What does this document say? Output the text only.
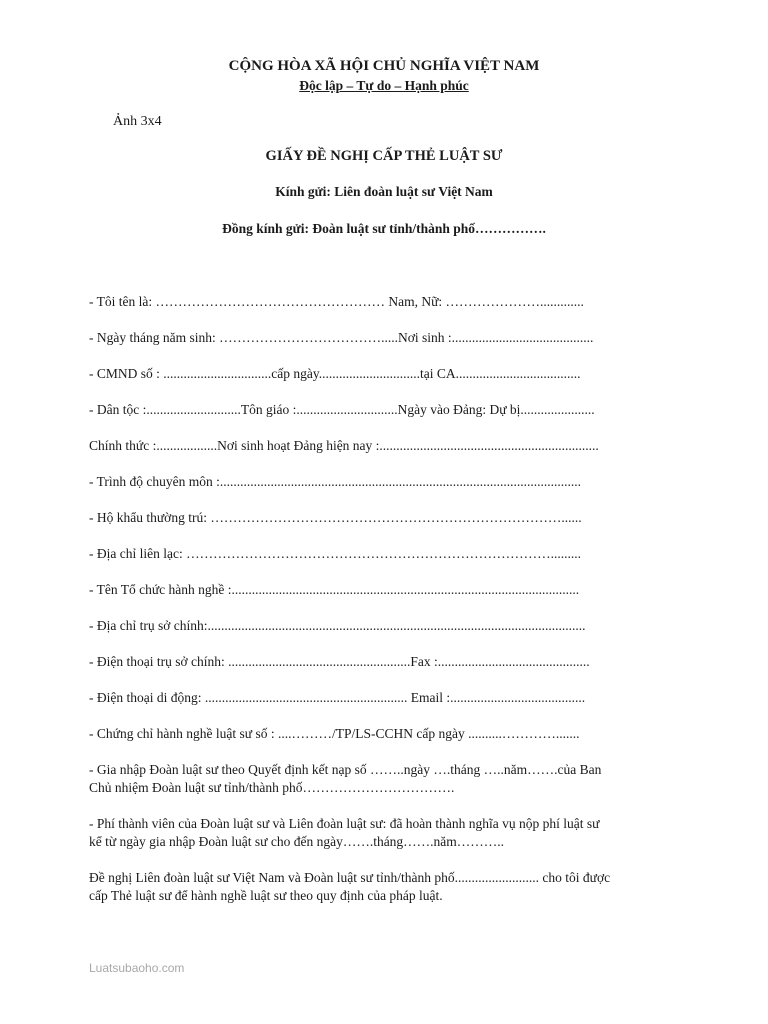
CỘNG HÒA XÃ HỘI CHỦ NGHĨA VIỆT NAM
Độc lập – Tự do – Hạnh phúc
Ảnh 3x4
GIẤY ĐỀ NGHỊ CẤP THẺ LUẬT SƯ
Kính gửi: Liên đoàn luật sư Việt Nam
Đồng kính gửi: Đoàn luật sư tỉnh/thành phố…………….
- Tôi tên là: …………………………………………… Nam, Nữ: ………………….............
- Ngày tháng năm sinh: ……………………………….....Nơi sinh :..........................................
- CMND số : ................................cấp ngày..............................tại CA.....................................
- Dân tộc :............................Tôn giáo :..............................Ngày vào Đảng: Dự bị......................
Chính thức :..................Nơi sinh hoạt Đảng hiện nay :.................................................................
- Trình độ chuyên môn :...........................................................................................................
- Hộ khẩu thường trú: ……………………………………………………………………......
- Địa chỉ liên lạc: ……………………………………………………………………….........
- Tên Tổ chức hành nghề :.......................................................................................................
- Địa chỉ trụ sở chính:................................................................................................................
- Điện thoại trụ sở chính: ......................................................Fax :.............................................
- Điện thoại di động: ............................................................ Email :........................................
- Chứng chỉ hành nghề luật sư số : ....………/TP/LS-CCHN cấp ngày ..........………….......
- Gia nhập Đoàn luật sư theo Quyết định kết nạp số ……..ngày ….tháng …..năm…….của Ban
Chủ nhiệm Đoàn luật sư tỉnh/thành phố…………………………….
- Phí thành viên của Đoàn luật sư và Liên đoàn luật sư: đã hoàn thành nghĩa vụ nộp phí luật sư
kể từ ngày gia nhập Đoàn luật sư cho đến ngày…….tháng…….năm………..
Đề nghị Liên đoàn luật sư Việt Nam và Đoàn luật sư tỉnh/thành phố......................... cho tôi được
cấp Thẻ luật sư để hành nghề luật sư theo quy định của pháp luật.
Luatsubaoho.com
